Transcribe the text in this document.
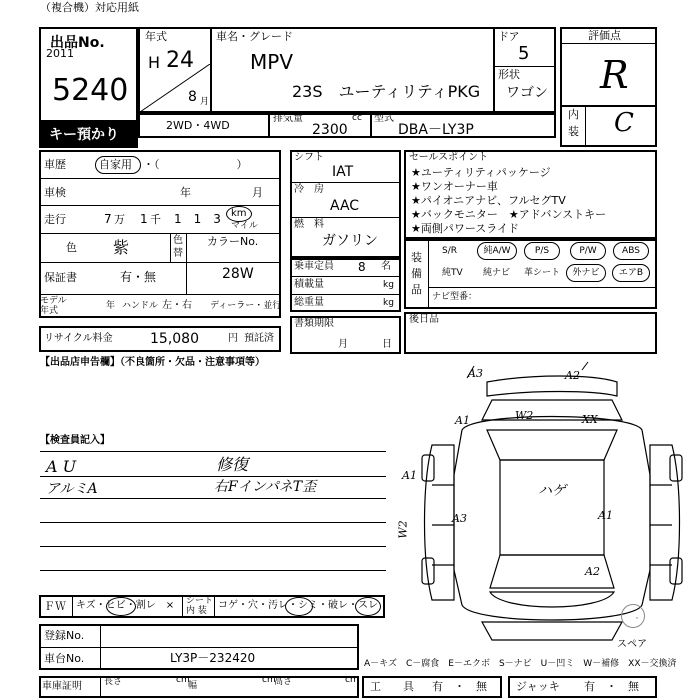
（複合機）対応用紙
出品No.
2011
5240
キー預かり
年式
H 24
8 月
車名・グレード
MPV
23S　ユーティリティPKG
ドア
5
形状
ワゴン
評価点
R
内
装 C
2WD・4WD
排気量	cc
2300
型式
DBA－LY3P
車歴	自家用 ・（　　　　　　　）
車検	年	月
走行	7 万 1 千 1　1　3 km
マイル
色 紫	色
替
カラーNo.
保証書	有・無	28W
モデル
年式	年 ハンドル 左・右 ディーラー・並行
リサイクル料金	15,080	円 預託済
シフト
IAT
冷　房
AAC
燃　料
ガソリン
乗車定員 8 名
積載量	kg
総重量	kg
書類期限
月	日
セールスポイント
★ユーティリティパッケージ
★ワンオーナー車
★パイオニアナビ、フルセグTV
★バックモニター　★アドバンストキー
★両側パワースライド
装
備
品
S/R	純A/W	P/S	P/W	ABS
純TV 純ナビ 革シート	外ナビ	エアB
ナビ型番：
後日品
【出品店申告欄】（不良箇所・欠品・注意事項等）
【検査員記入】
A U	修復
アルミA	右FインパネT歪
A3	A2
A1	W2	XX
A1
ハゲ
A3	A1
A2
W2
スペア
ＦＷ キズ・ヒビ・割レ　× シート
内 装 コゲ・穴・汚レ・シミ・破レ・スレ
登録No.
車台No.	LY3P－232420
車庫証明 長さ	cm
幅
cm
高さ	cm
A－キズ　C－腐食　E－エクボ　S－ナビ　U－凹ミ　W－補修　XX－交換済
工　　具 有　・　無	ジャッキ 有　・　無
